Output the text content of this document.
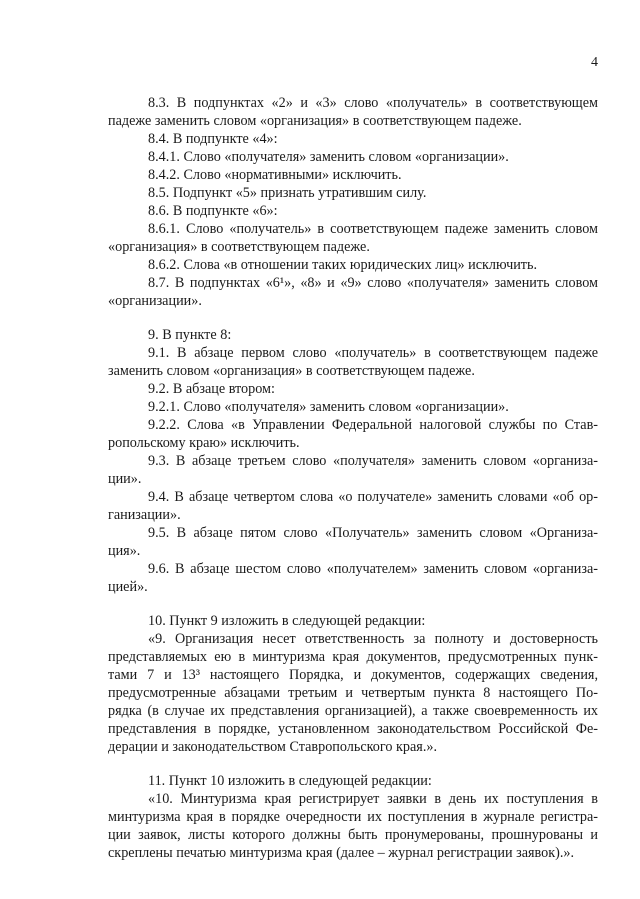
4
8.3. В подпунктах «2» и «3» слово «получатель» в соответствующем
падеже заменить словом «организация» в соответствующем падеже.
8.4. В подпункте «4»:
8.4.1. Слово «получателя» заменить словом «организации».
8.4.2. Слово «нормативными» исключить.
8.5. Подпункт «5» признать утратившим силу.
8.6. В подпункте «6»:
8.6.1. Слово «получатель» в соответствующем падеже заменить словом
«организация» в соответствующем падеже.
8.6.2. Слова «в отношении таких юридических лиц» исключить.
8.7. В подпунктах «6¹», «8» и «9» слово «получателя» заменить словом
«организации».
9. В пункте 8:
9.1. В абзаце первом слово «получатель» в соответствующем падеже
заменить словом «организация» в соответствующем падеже.
9.2. В абзаце втором:
9.2.1. Слово «получателя» заменить словом «организации».
9.2.2. Слова «в Управлении Федеральной налоговой службы по Став-
ропольскому краю» исключить.
9.3. В абзаце третьем слово «получателя» заменить словом «организа-
ции».
9.4. В абзаце четвертом слова «о получателе» заменить словами «об ор-
ганизации».
9.5. В абзаце пятом слово «Получатель» заменить словом «Организа-
ция».
9.6. В абзаце шестом слово «получателем» заменить словом «организа-
цией».
10. Пункт 9 изложить в следующей редакции:
«9. Организация несет ответственность за полноту и достоверность
представляемых ею в минтуризма края документов, предусмотренных пунк-
тами 7 и 13³ настоящего Порядка, и документов, содержащих сведения,
предусмотренные абзацами третьим и четвертым пункта 8 настоящего По-
рядка (в случае их представления организацией), а также своевременность их
представления в порядке, установленном законодательством Российской Фе-
дерации и законодательством Ставропольского края.».
11. Пункт 10 изложить в следующей редакции:
«10. Минтуризма края регистрирует заявки в день их поступления в
минтуризма края в порядке очередности их поступления в журнале регистра-
ции заявок, листы которого должны быть пронумерованы, прошнурованы и
скреплены печатью минтуризма края (далее – журнал регистрации заявок).».
